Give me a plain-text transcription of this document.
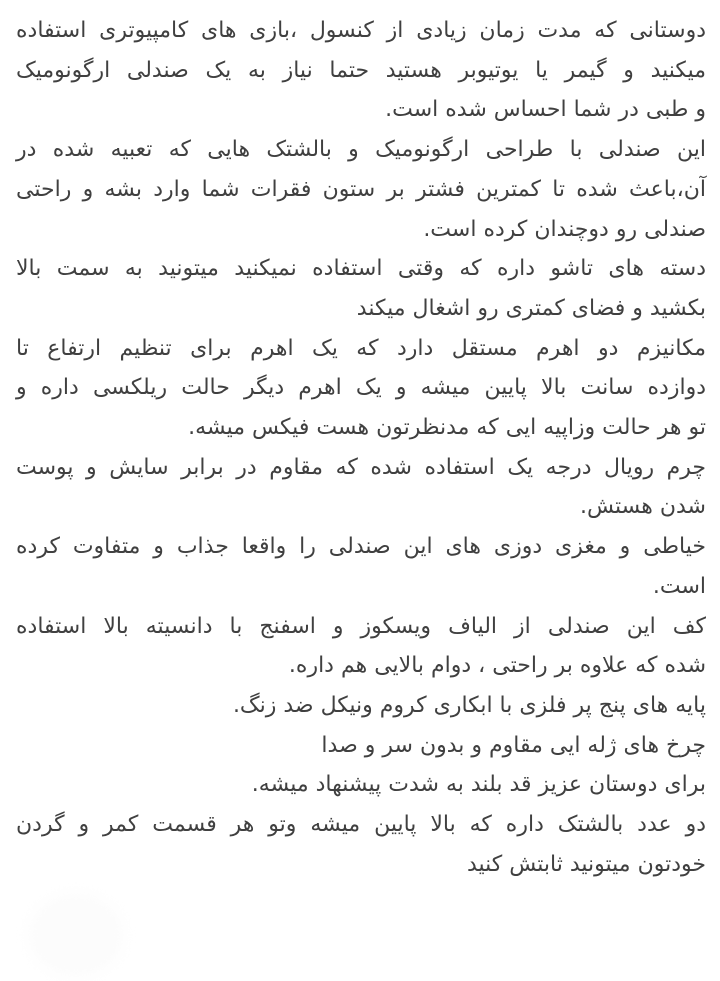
دوستانی که مدت زمان زیادی از کنسول ،بازی های کامپیوتری استفاده
میکنید و گیمر یا یوتیوبر هستید حتما نیاز به یک صندلی ارگونومیک
و طبی در شما احساس شده است.
این صندلی با طراحی ارگونومیک و بالشتک هایی که تعبیه شده در
آن،باعث شده تا کمترین فشتر بر ستون فقرات شما وارد بشه و راحتی
صندلی رو دوچندان کرده است.
دسته های تاشو داره که وقتی استفاده نمیکنید میتونید به سمت بالا
بکشید و فضای کمتری رو اشغال میکند
مکانیزم دو اهرم مستقل دارد که یک اهرم برای تنظیم ارتفاع تا
دوازده سانت بالا پایین میشه و یک اهرم دیگر حالت ریلکسی داره و
تو هر حالت وزاپیه ایی که مدنظرتون هست فیکس میشه.
چرم رویال درجه یک استفاده شده که مقاوم در برابر سایش و پوست
شدن هستش.
خیاطی و مغزی دوزی های این صندلی را واقعا جذاب و متفاوت کرده
است.
کف این صندلی از الیاف ویسکوز و اسفنج با دانسیته بالا استفاده
شده که علاوه بر راحتی ، دوام بالایی هم داره.
پایه های پنج پر فلزی با ابکاری کروم ونیکل ضد زنگ.
چرخ های ژله ایی مقاوم و بدون سر و صدا
برای دوستان عزیز قد بلند به شدت پیشنهاد میشه.
دو عدد بالشتک داره که بالا پایین میشه وتو هر قسمت کمر و گردن
خودتون میتونید ثابتش کنید
